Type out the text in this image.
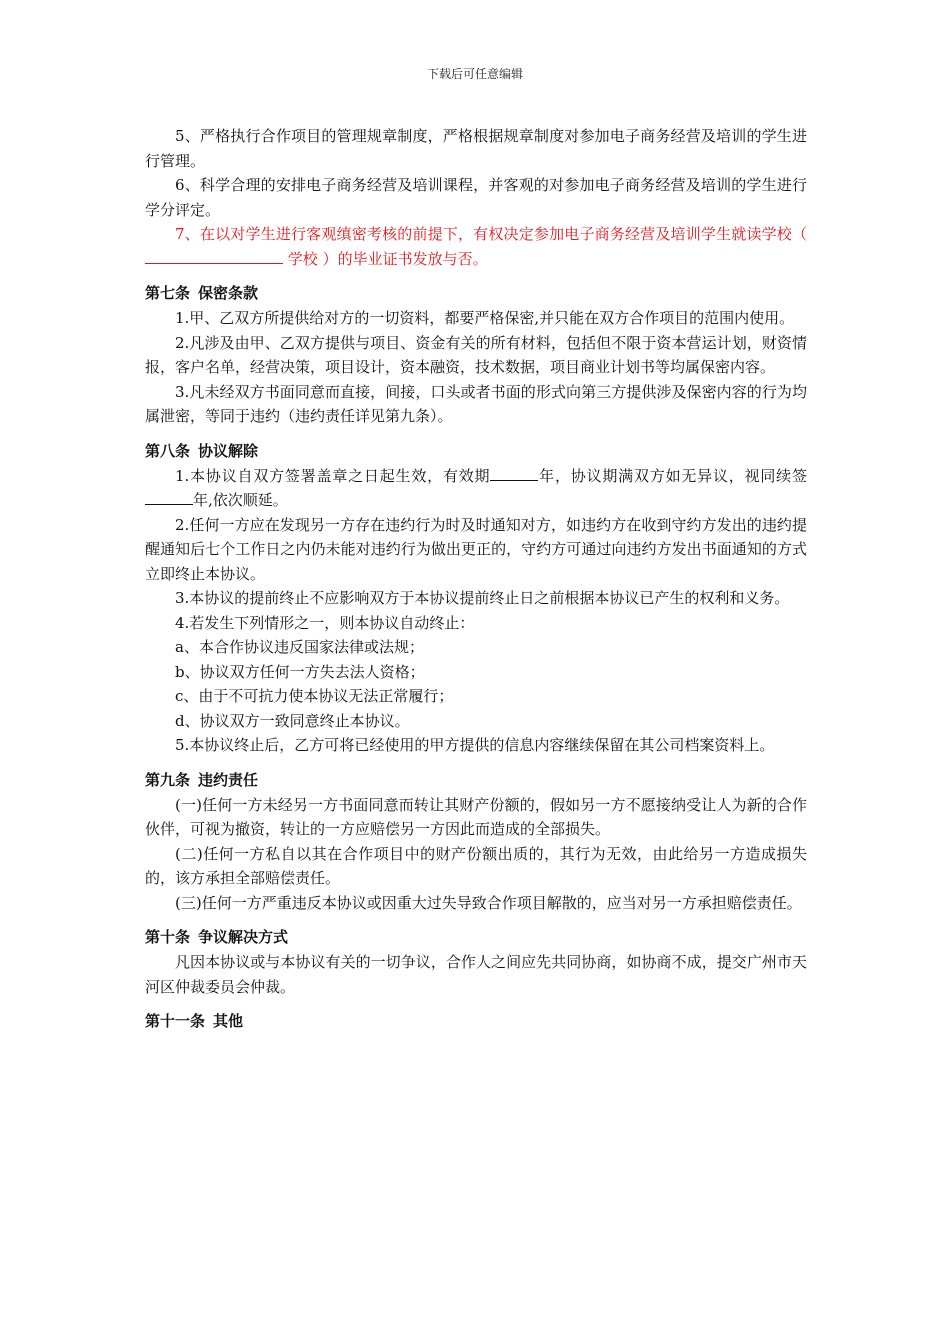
下载后可任意编辑

5、严格执行合作项目的管理规章制度，严格根据规章制度对参加电子商务经营及培训的学生进行管理。

6、科学合理的安排电子商务经营及培训课程，并客观的对参加电子商务经营及培训的学生进行学分评定。

7、在以对学生进行客观缜密考核的前提下，有权决定参加电子商务经营及培训学生就读学校（ 学校 ）的毕业证书发放与否。

第七条 保密条款

1.甲、乙双方所提供给对方的一切资料，都要严格保密,并只能在双方合作项目的范围内使用。

2.凡涉及由甲、乙双方提供与项目、资金有关的所有材料，包括但不限于资本营运计划，财资情报，客户名单，经营决策，项目设计，资本融资，技术数据，项目商业计划书等均属保密内容。

3.凡未经双方书面同意而直接，间接，口头或者书面的形式向第三方提供涉及保密内容的行为均属泄密，等同于违约（违约责任详见第九条）。

第八条 协议解除

1.本协议自双方签署盖章之日起生效，有效期	年，协议期满双方如无异议，视同续签年,依次顺延。

2.任何一方应在发现另一方存在违约行为时及时通知对方，如违约方在收到守约方发出的违约提醒通知后七个工作日之内仍未能对违约行为做出更正的，守约方可通过向违约方发出书面通知的方式立即终止本协议。

3.本协议的提前终止不应影响双方于本协议提前终止日之前根据本协议已产生的权利和义务。

4.若发生下列情形之一，则本协议自动终止：

a、本合作协议违反国家法律或法规；

b、协议双方任何一方失去法人资格；

c、由于不可抗力使本协议无法正常履行；

d、协议双方一致同意终止本协议。

5.本协议终止后，乙方可将已经使用的甲方提供的信息内容继续保留在其公司档案资料上。

第九条 违约责任

(一)任何一方未经另一方书面同意而转让其财产份额的，假如另一方不愿接纳受让人为新的合作伙伴，可视为撤资，转让的一方应赔偿另一方因此而造成的全部损失。

(二)任何一方私自以其在合作项目中的财产份额出质的，其行为无效，由此给另一方造成损失的，该方承担全部赔偿责任。

(三)任何一方严重违反本协议或因重大过失导致合作项目解散的，应当对另一方承担赔偿责任。

第十条 争议解决方式

凡因本协议或与本协议有关的一切争议，合作人之间应先共同协商，如协商不成，提交广州市天河区仲裁委员会仲裁。

第十一条 其他
